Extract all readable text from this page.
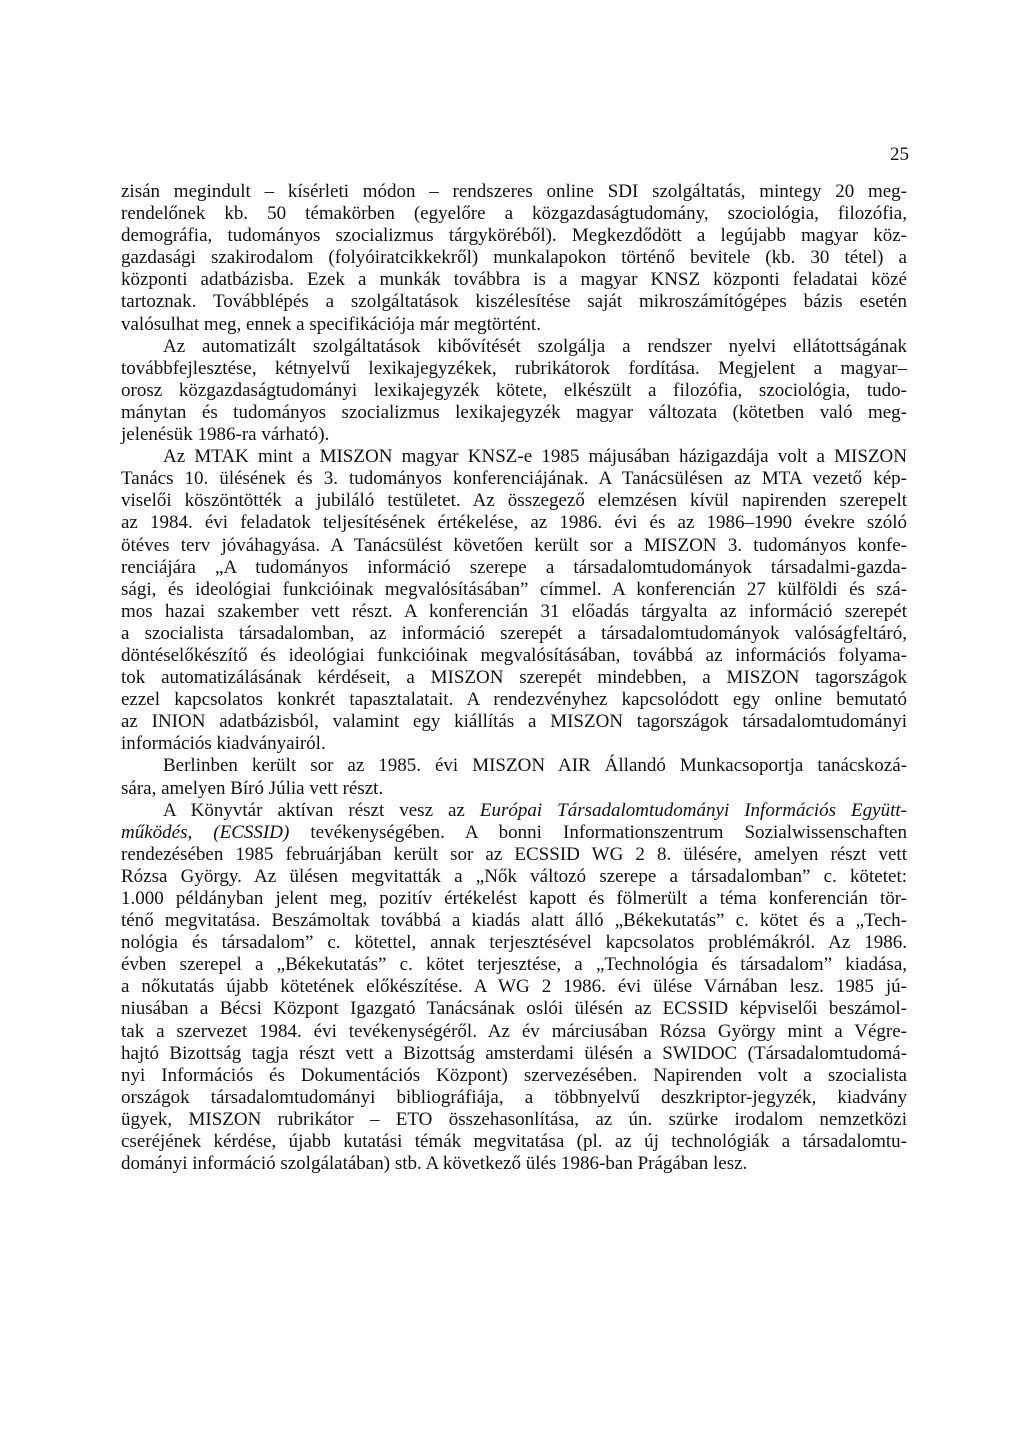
25
zisán megindult – kísérleti módon – rendszeres online SDI szolgáltatás, mintegy 20 meg-
rendelőnek kb. 50 témakörben (egyelőre a közgazdaságtudomány, szociológia, filozófia,
demográfia, tudományos szocializmus tárgyköréből). Megkezdődött a legújabb magyar köz-
gazdasági szakirodalom (folyóiratcikkekről) munkalapokon történő bevitele (kb. 30 tétel) a
központi adatbázisba. Ezek a munkák továbbra is a magyar KNSZ központi feladatai közé
tartoznak. Továbblépés a szolgáltatások kiszélesítése saját mikroszámítógépes bázis esetén
valósulhat meg, ennek a specifikációja már megtörtént.
Az automatizált szolgáltatások kibővítését szolgálja a rendszer nyelvi ellátottságának
továbbfejlesztése, kétnyelvű lexikajegyzékek, rubrikátorok fordítása. Megjelent a magyar–
orosz közgazdaságtudományi lexikajegyzék kötete, elkészült a filozófia, szociológia, tudo-
mánytan és tudományos szocializmus lexikajegyzék magyar változata (kötetben való meg-
jelenésük 1986-ra várható).
Az MTAK mint a MISZON magyar KNSZ-e 1985 májusában házigazdája volt a MISZON
Tanács 10. ülésének és 3. tudományos konferenciájának. A Tanácsülésen az MTA vezető kép-
viselői köszöntötték a jubiláló testületet. Az összegező elemzésen kívül napirenden szerepelt
az 1984. évi feladatok teljesítésének értékelése, az 1986. évi és az 1986–1990 évekre szóló
ötéves terv jóváhagyása. A Tanácsülést követően került sor a MISZON 3. tudományos konfe-
renciájára „A tudományos információ szerepe a társadalomtudományok társadalmi-gazda-
sági, és ideológiai funkcióinak megvalósításában” címmel. A konferencián 27 külföldi és szá-
mos hazai szakember vett részt. A konferencián 31 előadás tárgyalta az információ szerepét
a szocialista társadalomban, az információ szerepét a társadalomtudományok valóságfeltáró,
döntéselőkészítő és ideológiai funkcióinak megvalósításában, továbbá az információs folyama-
tok automatizálásának kérdéseit, a MISZON szerepét mindebben, a MISZON tagországok
ezzel kapcsolatos konkrét tapasztalatait. A rendezvényhez kapcsolódott egy online bemutató
az INION adatbázisból, valamint egy kiállítás a MISZON tagországok társadalomtudományi
információs kiadványairól.
Berlinben került sor az 1985. évi MISZON AIR Állandó Munkacsoportja tanácskozá-
sára, amelyen Bíró Júlia vett részt.
A Könyvtár aktívan részt vesz az Európai Társadalomtudományi Információs Együtt-
működés, (ECSSID) tevékenységében. A bonni Informationszentrum Sozialwissenschaften
rendezésében 1985 februárjában került sor az ECSSID WG 2 8. ülésére, amelyen részt vett
Rózsa György. Az ülésen megvitatták a „Nők változó szerepe a társadalomban” c. kötetet:
1.000 példányban jelent meg, pozitív értékelést kapott és fölmerült a téma konferencián tör-
ténő megvitatása. Beszámoltak továbbá a kiadás alatt álló „Békekutatás” c. kötet és a „Tech-
nológia és társadalom” c. kötettel, annak terjesztésével kapcsolatos problémákról. Az 1986.
évben szerepel a „Békekutatás” c. kötet terjesztése, a „Technológia és társadalom” kiadása,
a nőkutatás újabb kötetének előkészítése. A WG 2 1986. évi ülése Várnában lesz. 1985 jú-
niusában a Bécsi Központ Igazgató Tanácsának oslói ülésén az ECSSID képviselői beszámol-
tak a szervezet 1984. évi tevékenységéről. Az év márciusában Rózsa György mint a Végre-
hajtó Bizottság tagja részt vett a Bizottság amsterdami ülésén a SWIDOC (Társadalomtudomá-
nyi Információs és Dokumentációs Központ) szervezésében. Napirenden volt a szocialista
országok társadalomtudományi bibliográfiája, a többnyelvű deszkriptor-jegyzék, kiadvány
ügyek, MISZON rubrikátor – ETO összehasonlítása, az ún. szürke irodalom nemzetközi
cseréjének kérdése, újabb kutatási témák megvitatása (pl. az új technológiák a társadalomtu-
dományi információ szolgálatában) stb. A következő ülés 1986-ban Prágában lesz.
